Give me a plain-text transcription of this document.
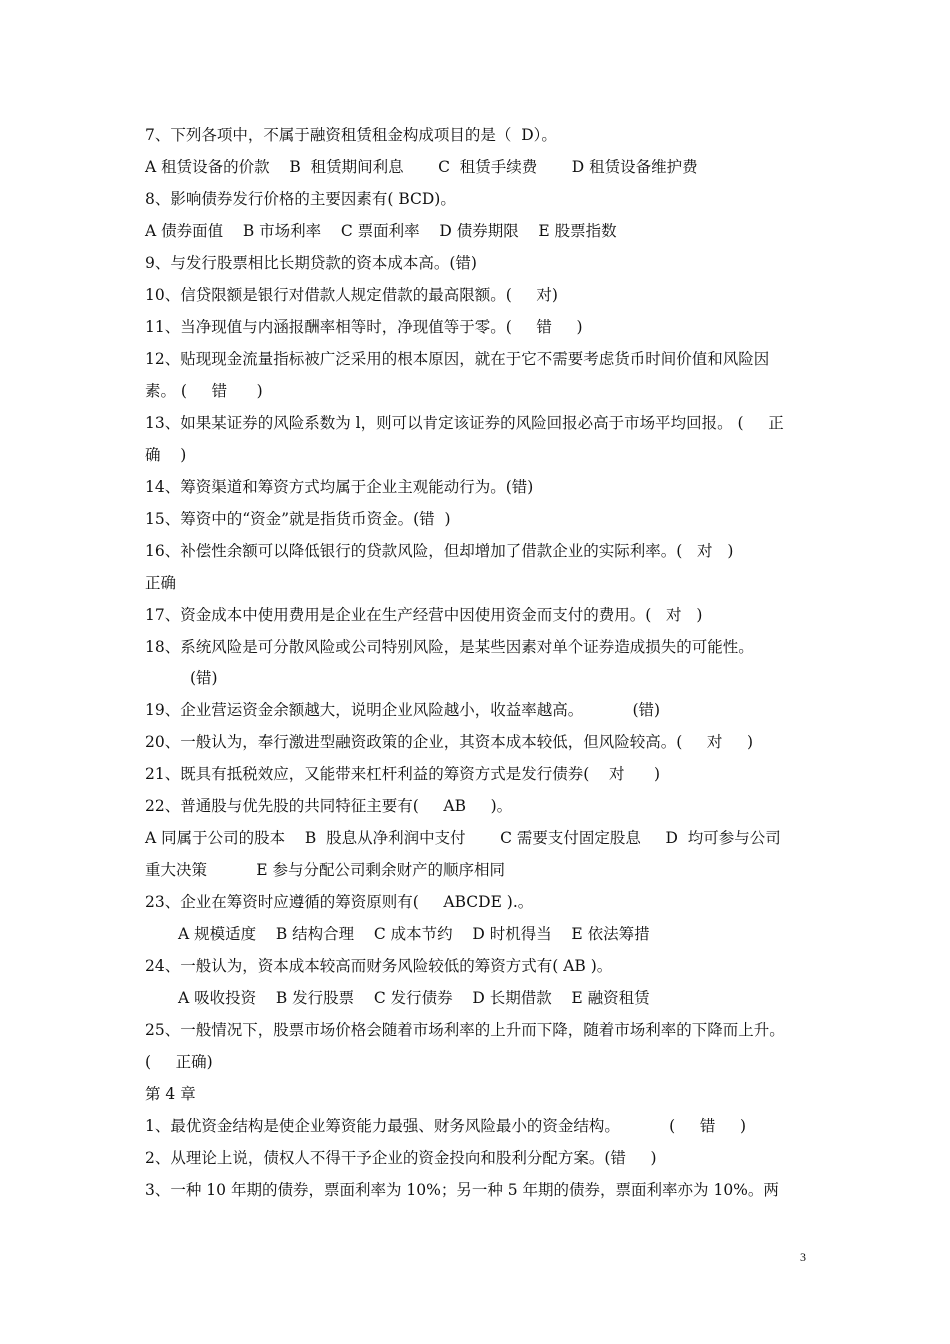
7、下列各项中，不属于融资租赁租金构成项目的是（  D）。
A 租赁设备的价款    B  租赁期间利息       C  租赁手续费       D 租赁设备维护费
8、影响债券发行价格的主要因素有( BCD)。
A 债券面值    B 市场利率    C 票面利率    D 债券期限    E 股票指数
9、与发行股票相比长期贷款的资本成本高。(错)
10、信贷限额是银行对借款人规定借款的最高限额。(     对)
11、当净现值与内涵报酬率相等时，净现值等于零。(     错     )
12、贴现现金流量指标被广泛采用的根本原因，就在于它不需要考虑货币时间价值和风险因
素。 (     错      )
13、如果某证券的风险系数为 l，则可以肯定该证券的风险回报必高于市场平均回报。 (     正
确    )
14、筹资渠道和筹资方式均属于企业主观能动行为。(错)
15、筹资中的“资金”就是指货币资金。(错  )
16、补偿性余额可以降低银行的贷款风险，但却增加了借款企业的实际利率。(   对   )
正确
17、资金成本中使用费用是企业在生产经营中因使用资金而支付的费用。(   对   )
18、系统风险是可分散风险或公司特别风险，是某些因素对单个证券造成损失的可能性。
(错)
19、企业营运资金余额越大，说明企业风险越小，收益率越高。          (错)
20、一般认为，奉行激进型融资政策的企业，其资本成本较低，但风险较高。(     对     )
21、既具有抵税效应，又能带来杠杆利益的筹资方式是发行债券(    对      )
22、普通股与优先股的共同特征主要有(     AB     )。
A 同属于公司的股本    B  股息从净利润中支付       C 需要支付固定股息     D  均可参与公司
重大决策          E 参与分配公司剩余财产的顺序相同
23、企业在筹资时应遵循的筹资原则有(     ABCDE ).。
A 规模适度    B 结构合理    C 成本节约    D 时机得当    E 依法筹措
24、一般认为，资本成本较高而财务风险较低的筹资方式有( AB )。
A 吸收投资    B 发行股票    C 发行债券    D 长期借款    E 融资租赁
25、一般情况下，股票市场价格会随着市场利率的上升而下降，随着市场利率的下降而上升。
(     正确)
第 4 章
1、最优资金结构是使企业筹资能力最强、财务风险最小的资金结构。          (     错     )
2、从理论上说，债权人不得干予企业的资金投向和股利分配方案。(错     )
3、一种 10 年期的债券，票面利率为 10%；另一种 5 年期的债券，票面利率亦为 10%。两
3
